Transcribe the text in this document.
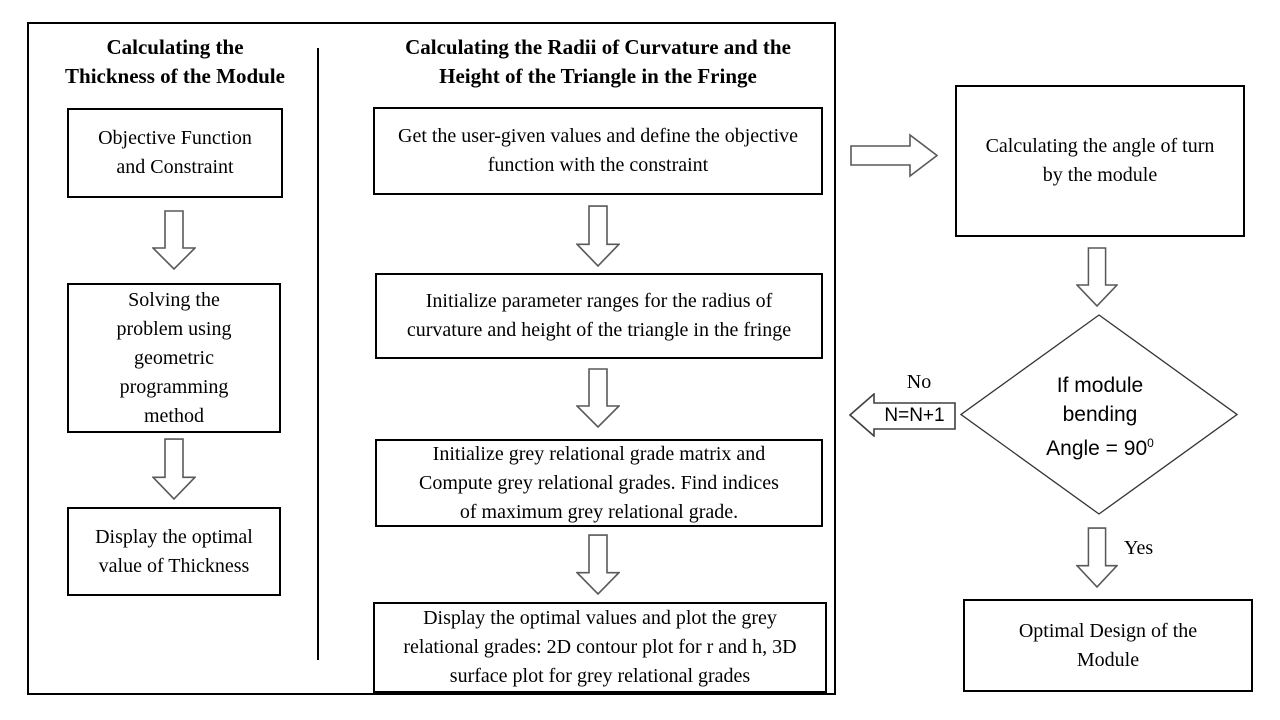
Calculating the
Thickness of the Module
Calculating the Radii of Curvature and the
Height of the Triangle in the Fringe
Objective Function and Constraint
Solving the problem using geometric programming method
Display the optimal value of Thickness
Get the user-given values and define the objective function with the constraint
Initialize parameter ranges for the radius of curvature and height of the triangle in the fringe
Initialize grey relational grade matrix and Compute grey relational grades. Find indices of maximum grey relational grade.
Display the optimal values and plot the grey relational grades: 2D contour plot for r and h, 3D surface plot for grey relational grades
Calculating the angle of turn by the module
If module
bending
Angle = $90^0$
No
N=N+1
Yes
Optimal Design of the Module
